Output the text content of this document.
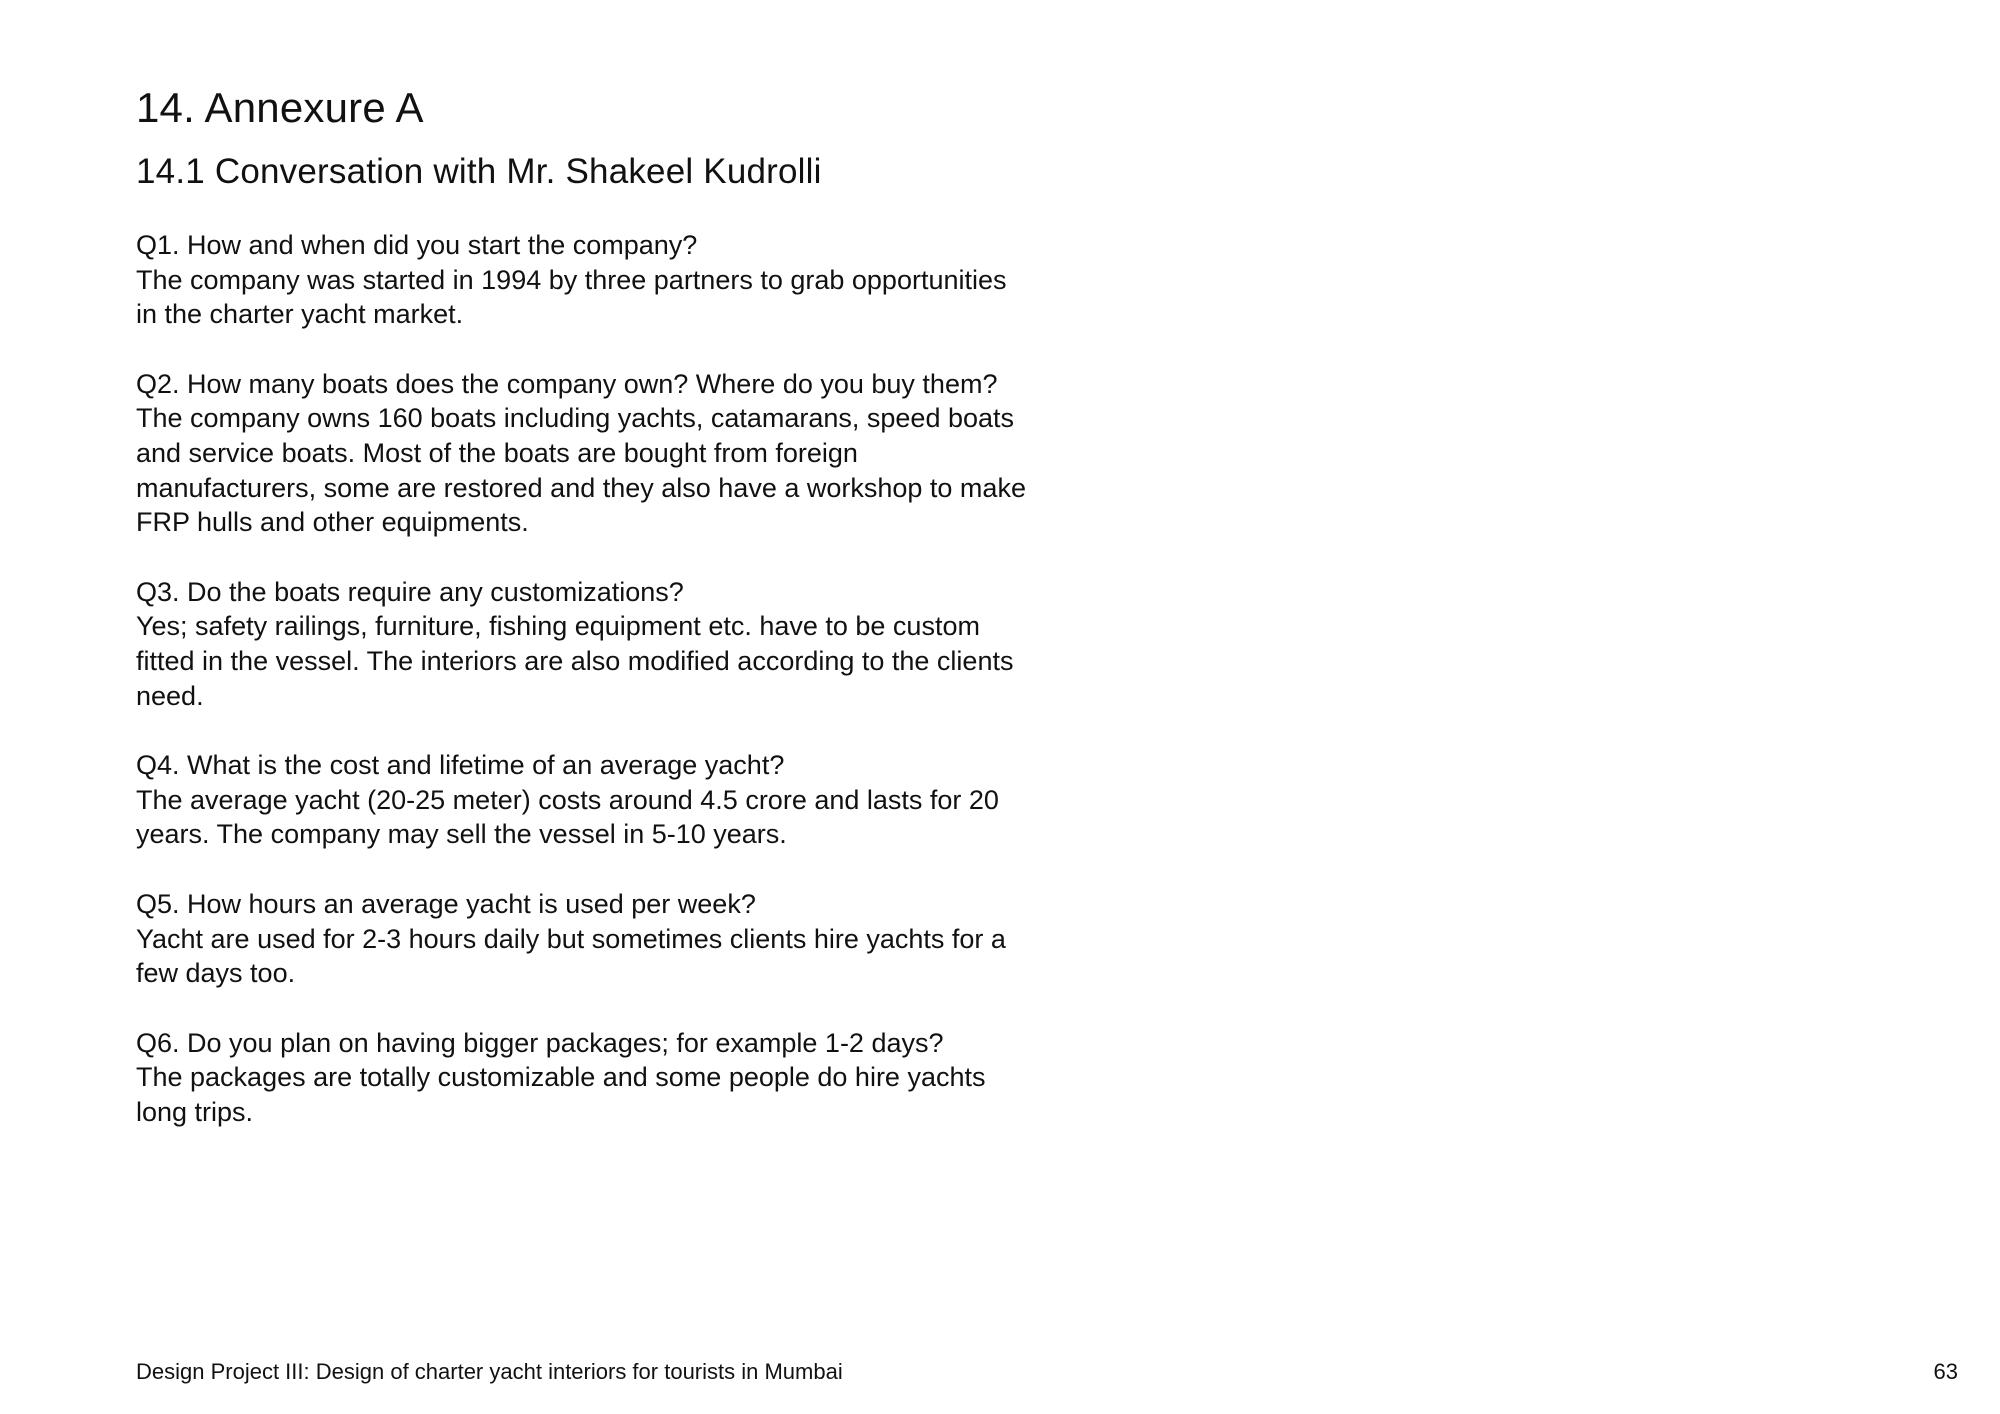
14. Annexure A
14.1 Conversation with Mr. Shakeel Kudrolli

Q1. How and when did you start the company?

The company was started in 1994 by three partners to grab opportunities in the charter yacht market.

Q2. How many boats does the company own? Where do you buy them?

The company owns 160 boats including yachts, catamarans, speed boats and service boats. Most of the boats are bought from foreign manufacturers, some are restored and they also have a workshop to make FRP hulls and other equipments.

Q3. Do the boats require any customizations?

Yes; safety railings, furniture, fishing equipment etc. have to be custom fitted in the vessel. The interiors are also modified according to the clients need.

Q4. What is the cost and lifetime of an average yacht?

The average yacht (20-25 meter) costs around 4.5 crore and lasts for 20 years. The company may sell the vessel in 5-10 years.

Q5. How hours an average yacht is used per week?

Yacht are used for 2-3 hours daily but sometimes clients hire yachts for a few days too.

Q6. Do you plan on having bigger packages; for example 1-2 days?

The packages are totally customizable and some people do hire yachts long trips.

Design Project III: Design of charter yacht interiors for tourists in Mumbai	63
